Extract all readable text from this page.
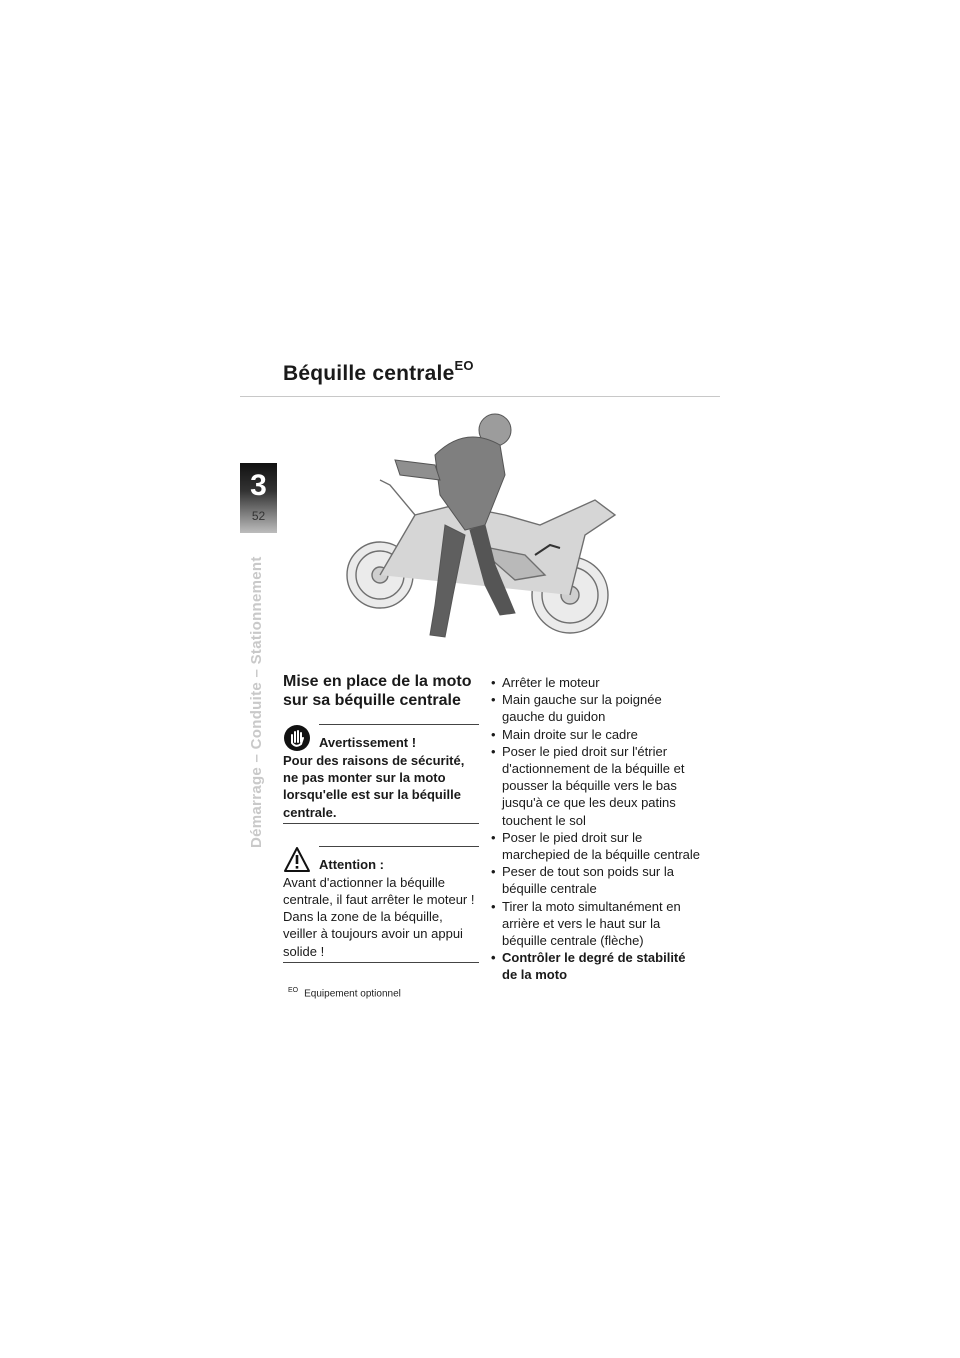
Béquille centrale$^{EO}$
3
52
Démarrage – Conduite – Stationnement Mise en place de la moto sur sa béquille centrale
Avertissement !
Pour des raisons de sécurité, ne pas monter sur la moto lorsqu'elle est sur la béquille centrale.
Attention :
Avant d'actionner la béquille centrale, il faut arrêter le moteur ! Dans la zone de la béquille, veiller à toujours avoir un appui solide !
$^{EO}$ Equipement optionnel
• Arrêter le moteur
• Main gauche sur la poignée gauche du guidon
• Main droite sur le cadre
• Poser le pied droit sur l'étrier d'actionnement de la béquille et pousser la béquille vers le bas jusqu'à ce que les deux patins touchent le sol
• Poser le pied droit sur le marchepied de la béquille centrale
• Peser de tout son poids sur la béquille centrale
• Tirer la moto simultanément en arrière et vers le haut sur la béquille centrale (flèche)
• Contrôler le degré de stabilité de la moto
